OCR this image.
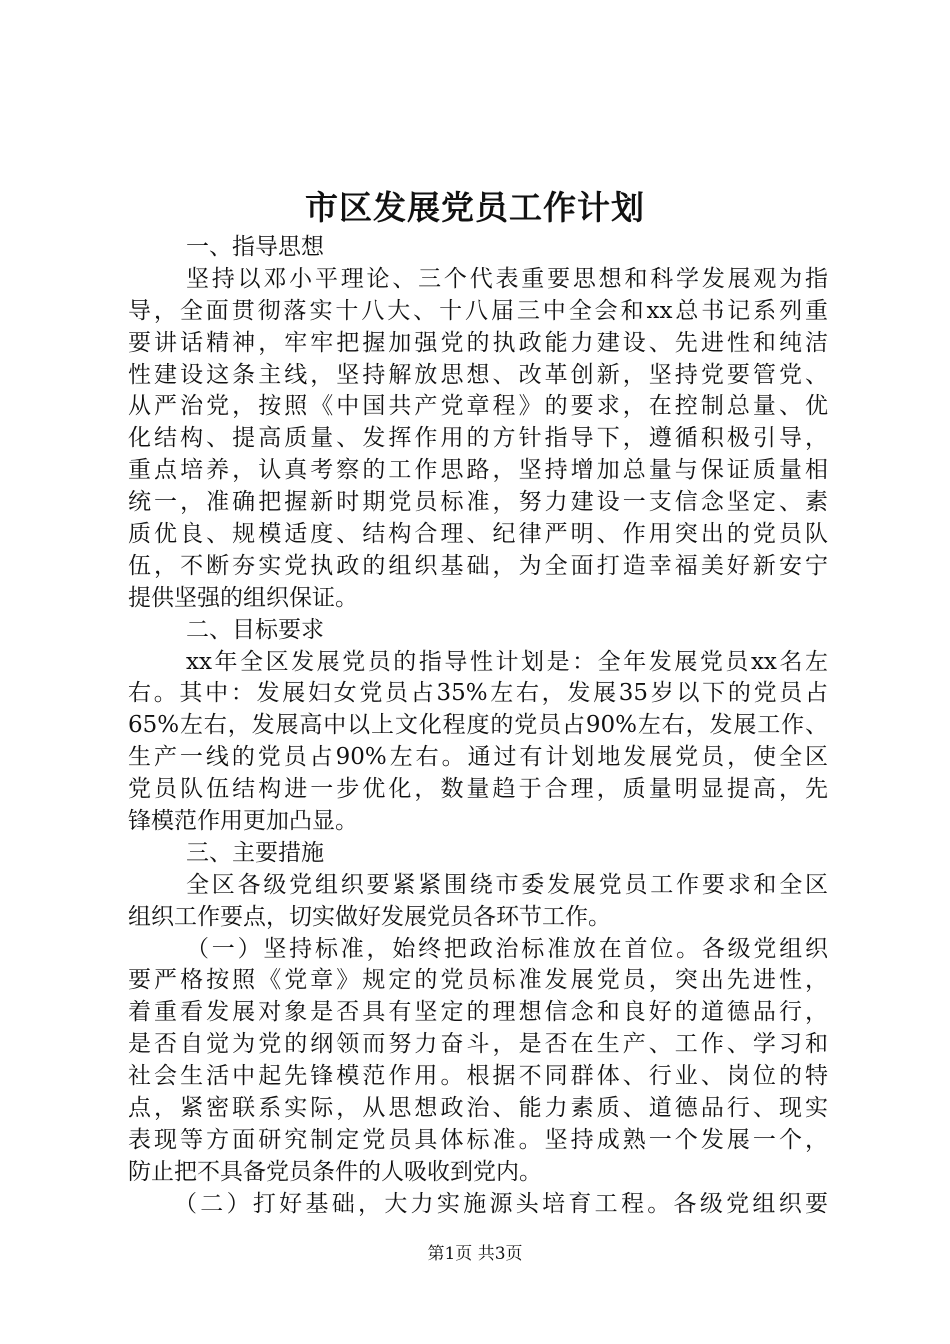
市区发展党员工作计划
一、指导思想
坚持以邓小平理论、三个代表重要思想和科学发展观为指
导，全面贯彻落实十八大、十八届三中全会和xx总书记系列重
要讲话精神，牢牢把握加强党的执政能力建设、先进性和纯洁
性建设这条主线，坚持解放思想、改革创新，坚持党要管党、
从严治党，按照《中国共产党章程》的要求，在控制总量、优
化结构、提高质量、发挥作用的方针指导下，遵循积极引导，
重点培养，认真考察的工作思路，坚持增加总量与保证质量相
统一，准确把握新时期党员标准，努力建设一支信念坚定、素
质优良、规模适度、结构合理、纪律严明、作用突出的党员队
伍，不断夯实党执政的组织基础，为全面打造幸福美好新安宁
提供坚强的组织保证。
二、目标要求
xx年全区发展党员的指导性计划是：全年发展党员xx名左
右。其中：发展妇女党员占35%左右，发展35岁以下的党员占
65%左右，发展高中以上文化程度的党员占90%左右，发展工作、
生产一线的党员占90%左右。通过有计划地发展党员，使全区
党员队伍结构进一步优化，数量趋于合理，质量明显提高，先
锋模范作用更加凸显。
三、主要措施
全区各级党组织要紧紧围绕市委发展党员工作要求和全区
组织工作要点，切实做好发展党员各环节工作。
（一）坚持标准，始终把政治标准放在首位。各级党组织
要严格按照《党章》规定的党员标准发展党员，突出先进性，
着重看发展对象是否具有坚定的理想信念和良好的道德品行，
是否自觉为党的纲领而努力奋斗，是否在生产、工作、学习和
社会生活中起先锋模范作用。根据不同群体、行业、岗位的特
点，紧密联系实际，从思想政治、能力素质、道德品行、现实
表现等方面研究制定党员具体标准。坚持成熟一个发展一个，
防止把不具备党员条件的人吸收到党内。
（二）打好基础，大力实施源头培育工程。各级党组织要
第1页 共3页
